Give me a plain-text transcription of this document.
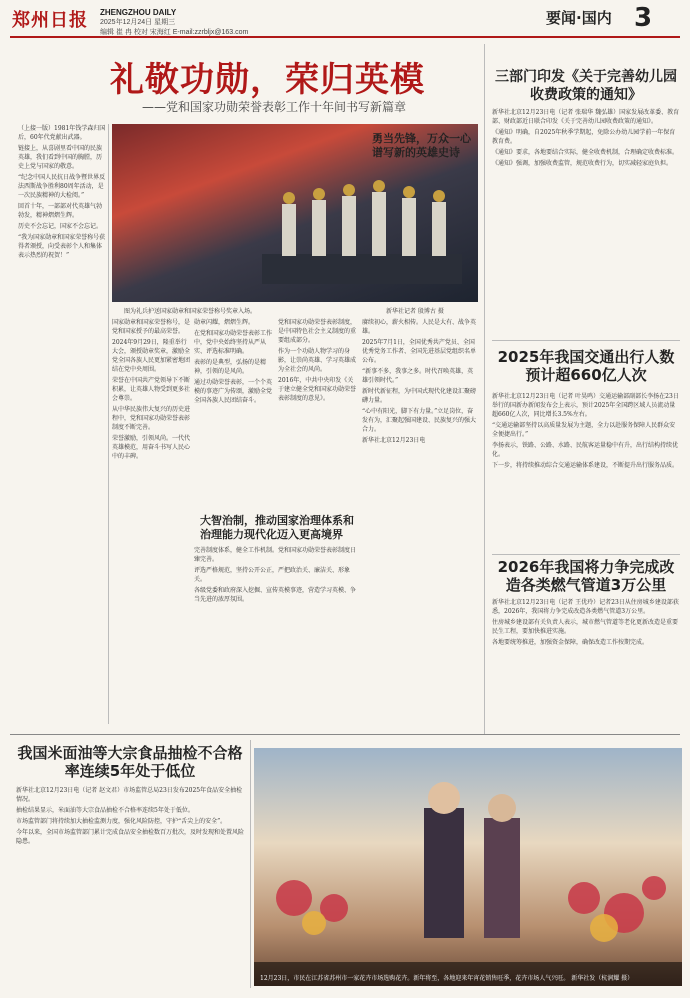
郑州日报 ZHENGZHOU DAILY
2025年12月24日 星期三
编辑 崔 冉 校对 宋海红 E-mail:zzrbljx@163.com
要闻·国内 3
礼敬功勋，荣归英模
——党和国家功勋荣誉表彰工作十年间书写新篇章

（上接一版）1981年钱学森归国后，60年代党献出武器。

链接上，从喜剧里看中国的民族英雄，我们看到中国的胸膛，历史上党与国家的敬意。

“纪念中国人民抗日战争暨世界反法西斯战争胜利80周年活动，是一次民族精神的大检阅。”

回首十年，一部部对代英雄气勃勃发，精神熠熠生辉。

历史不会忘记，国家不会忘记。

“我为国家勋章和国家荣誉称号获得者颁授，向受表彰个人和集体表示热烈的祝贺！”

图为礼兵护送国家勋章和国家荣誉称号奖章入场。	新华社记者 殷博古 摄

国家勋章和国家荣誉称号，是党和国家授予的最高荣誉。

2024年9月29日，隆重举行大会，颁授勋章奖章，激励全党全国各族人民更加紧密地团结在党中央周围。

荣誉在中国共产党领导下不断积累，让英雄人物受到更多社会尊崇。

从中华民族伟大复兴的历史进程中，党和国家功勋荣誉表彰制度不断完善。

荣誉激励，引领风尚。一代代英雄模范，用奋斗书写人民心中的丰碑。

勋章闪耀，熠熠生辉。

在党和国家功勋荣誉表彰工作中，党中央始终坚持从严从实、评选标准明确。

表彰的是典型，弘扬的是精神，引领的是风尚。

通过功勋荣誉表彰，一个个英模的事迹广为传颂，激励全党全国各族人民团结奋斗。

党和国家功勋荣誉表彰制度，是中国特色社会主义制度的重要组成部分。

作为一个功勋人物学习的身影，让崇尚英雄、学习英雄成为全社会的风尚。

2016年，中共中央印发《关于建立健全党和国家功勋荣誉表彰制度的意见》。

大智治制，推动国家治理体系和治理能力现代化迈入更高境界

完善制度体系，健全工作机制。党和国家功勋荣誉表彰制度日臻完善。

评选严格规范，坚持公开公正，严把政治关、廉洁关、形象关。

各级党委和政府深入挖掘、宣传英模事迹，营造学习英模、争当先进的浓厚氛围。

勇当先锋，万众一心谱写新的英雄史诗

赓续初心，薪火相传。人民是大有、战争英雄。

2025年7月1日，全国优秀共产党员、全国优秀党务工作者、全国先进基层党组织名单公布。

“新事不多，我事之多。时代召唤英雄，英雄引领时代。”

新时代新征程，为中国式现代化建设汇聚磅礴力量。

“心中有阳光，脚下有力量。”立足岗位，奋发有为，汇聚起强国建设、民族复兴的强大合力。

新华社北京12月23日电

三部门印发《关于完善幼儿园收费政策的通知》

新华社北京12月23日电（记者 张瑞华 魏弘雄）国家发展改革委、教育部、财政部近日联合印发《关于完善幼儿园收费政策的通知》。

《通知》明确，自2025年秋季学期起，免除公办幼儿园学前一年保育教育费。

《通知》要求，各地要结合实际，健全收费机制，合理确定收费标准。

《通知》强调，加强收费监管，规范收费行为，切实减轻家庭负担。

2025年我国交通出行人数预计超660亿人次

新华社北京12月23日电（记者 叶昊鸣）交通运输部副部长李扬在23日举行的国新办新闻发布会上表示，预计2025年全国跨区域人员流动量超660亿人次，同比增长3.5%左右。

“交通运输部坚持以高质量发展为主题，全力以赴服务保障人民群众安全便捷出行。”

李扬表示，铁路、公路、水路、民航客运量稳中有升，出行结构持续优化。

下一步，将持续推动综合交通运输体系建设，不断提升出行服务品质。

2026年我国将力争完成改造各类燃气管道3万公里

新华社北京12月23日电（记者 王优玲）记者23日从住房城乡建设部获悉，2026年，我国将力争完成改造各类燃气管道3万公里。

住房城乡建设部有关负责人表示，城市燃气管道等老化更新改造是重要民生工程，要加快推进实施。

各地要统筹推进，加强资金保障，确保改造工作按期完成。

我国米面油等大宗食品抽检不合格率连续5年处于低位

新华社北京12月23日电（记者 赵文君）市场监管总局23日发布2025年食品安全抽检情况。

抽检结果显示，米面油等大宗食品抽检不合格率连续5年处于低位。

市场监管部门将持续加大抽检监测力度，强化风险防控，守护“舌尖上的安全”。

今年以来，全国市场监管部门累计完成食品安全抽检数百万批次，及时发现和处置风险隐患。

12月23日，市民在江苏省苏州市一家花卉市场选购花卉。新年将至，各地迎来年宵花销售旺季，花卉市场人气兴旺。 新华社发（杭润耀 摄）
